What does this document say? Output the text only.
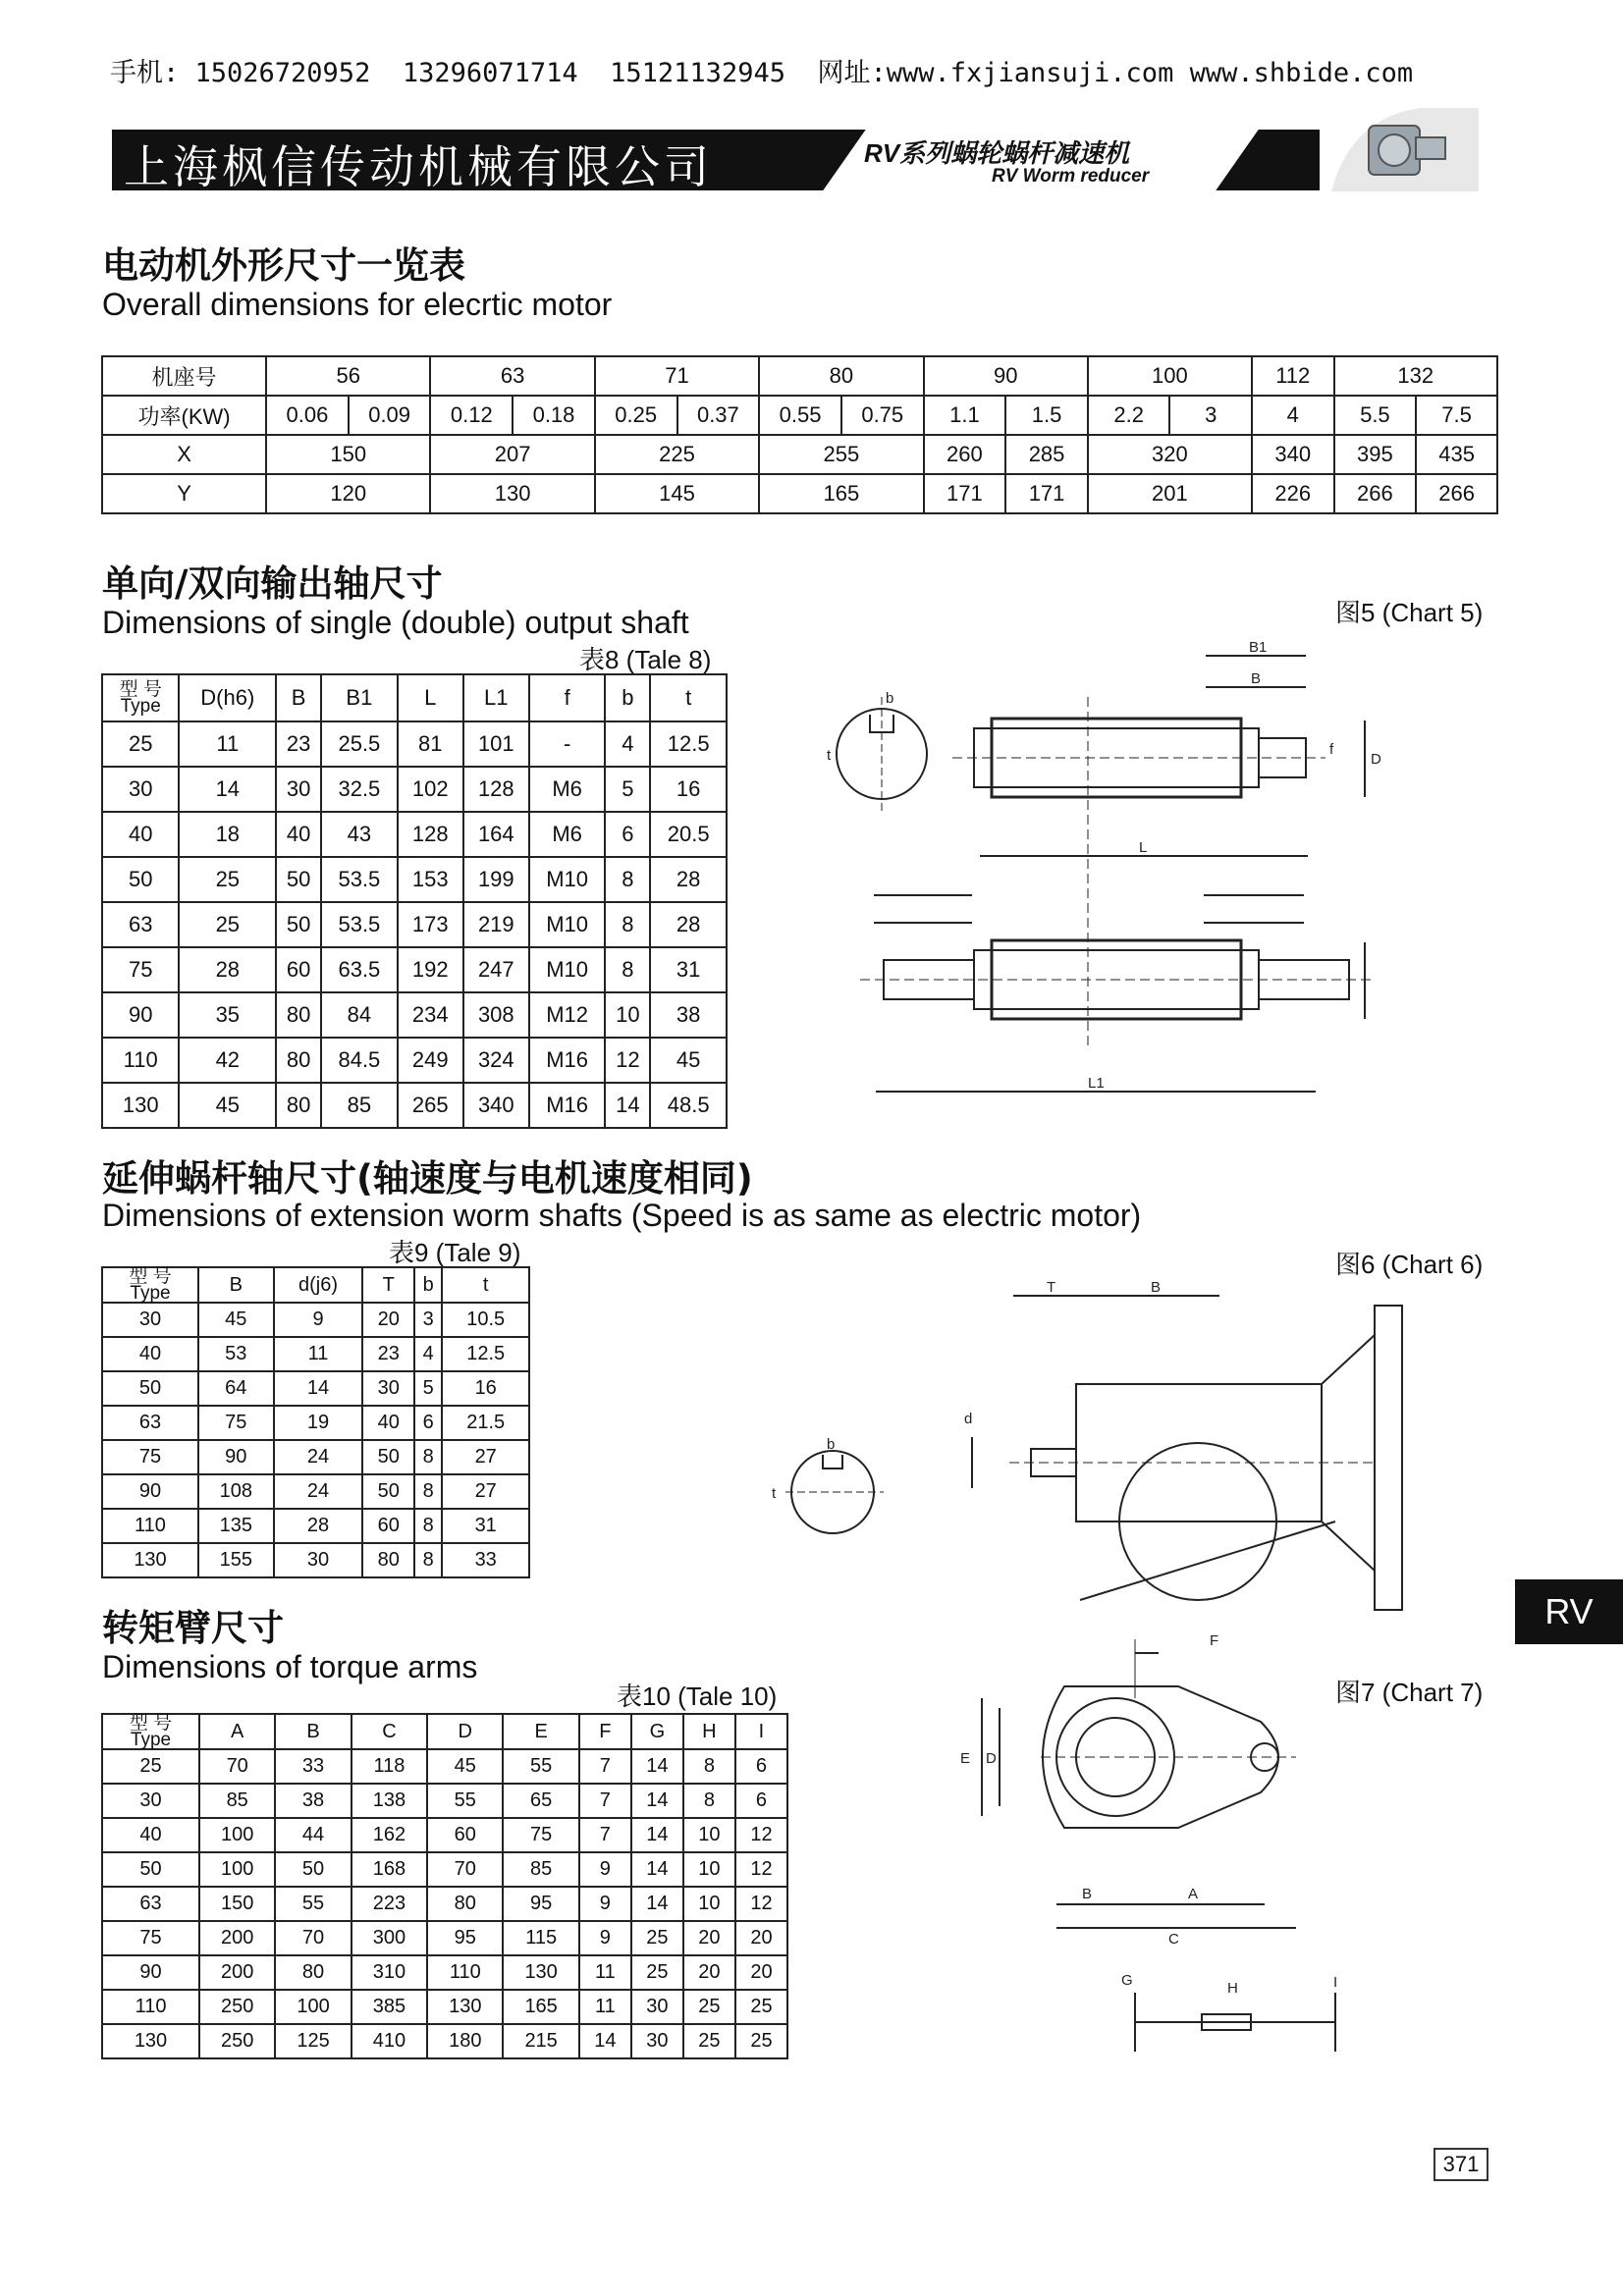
手机: 15026720952  13296071714  15121132945  网址:www.fxjiansuji.com www.shbide.com
上海枫信传动机械有限公司	RV系列蜗轮蜗杆减速机
RV Worm reducer
电动机外形尺寸一览表
Overall dimensions for elecrtic motor
机座号	56		63		71		80		90		100		112	132	
功率(KW)	0.06	0.09	0.12	0.18	0.25	0.37	0.55	0.75	1.1	1.5	2.2	3	4	5.5	7.5
X	150		207		225		255		260	285	320		340	395	435
Y	120		130		145		165		171	171	201		226	266	266
单向/双向输出轴尺寸
Dimensions of single (double) output shaft
表8 (Tale 8)
图5 (Chart 5)
型 号
Type	D(h6)	B	B1	L	L1	f	b	t
25	11	23	25.5	81	101	-	4	12.5
30	14	30	32.5	102	128	M6	5	16
40	18	40	43	128	164	M6	6	20.5
50	25	50	53.5	153	199	M10	8	28
63	25	50	53.5	173	219	M10	8	28
75	28	60	63.5	192	247	M10	8	31
90	35	80	84	234	308	M12	10	38
110	42	80	84.5	249	324	M16	12	45
130	45	80	85	265	340	M16	14	48.5
B1
B
b
t	f
D
L
L1
延伸蜗杆轴尺寸(轴速度与电机速度相同)
Dimensions of extension worm shafts (Speed is as same as electric motor)
表9 (Tale 9)	图6 (Chart 6)
型 号
Type	B	d(j6)	T	b	t
30	45	9	20	3	10.5
40	53	11	23	4	12.5
50	64	14	30	5	16
63	75	19	40	6	21.5
75	90	24	50	8	27
90	108	24	50	8	27
110	135	28	60	8	31
130	155	30	80	8	33
T	B
d
b
t
转矩臂尺寸
Dimensions of torque arms
表10 (Tale 10)	图7 (Chart 7)
型 号
Type	A	B	C	D	E	F	G	H	I
25	70	33	118	45	55	7	14	8	6
30	85	38	138	55	65	7	14	8	6
40	100	44	162	60	75	7	14	10	12
50	100	50	168	70	85	9	14	10	12
63	150	55	223	80	95	9	14	10	12
75	200	70	300	95	115	9	25	20	20
90	200	80	310	110	130	11	25	20	20
110	250	100	385	130	165	11	30	25	25
130	250	125	410	180	215	14	30	25	25
F
E D
B	A
C
G	H	I
RV
371
